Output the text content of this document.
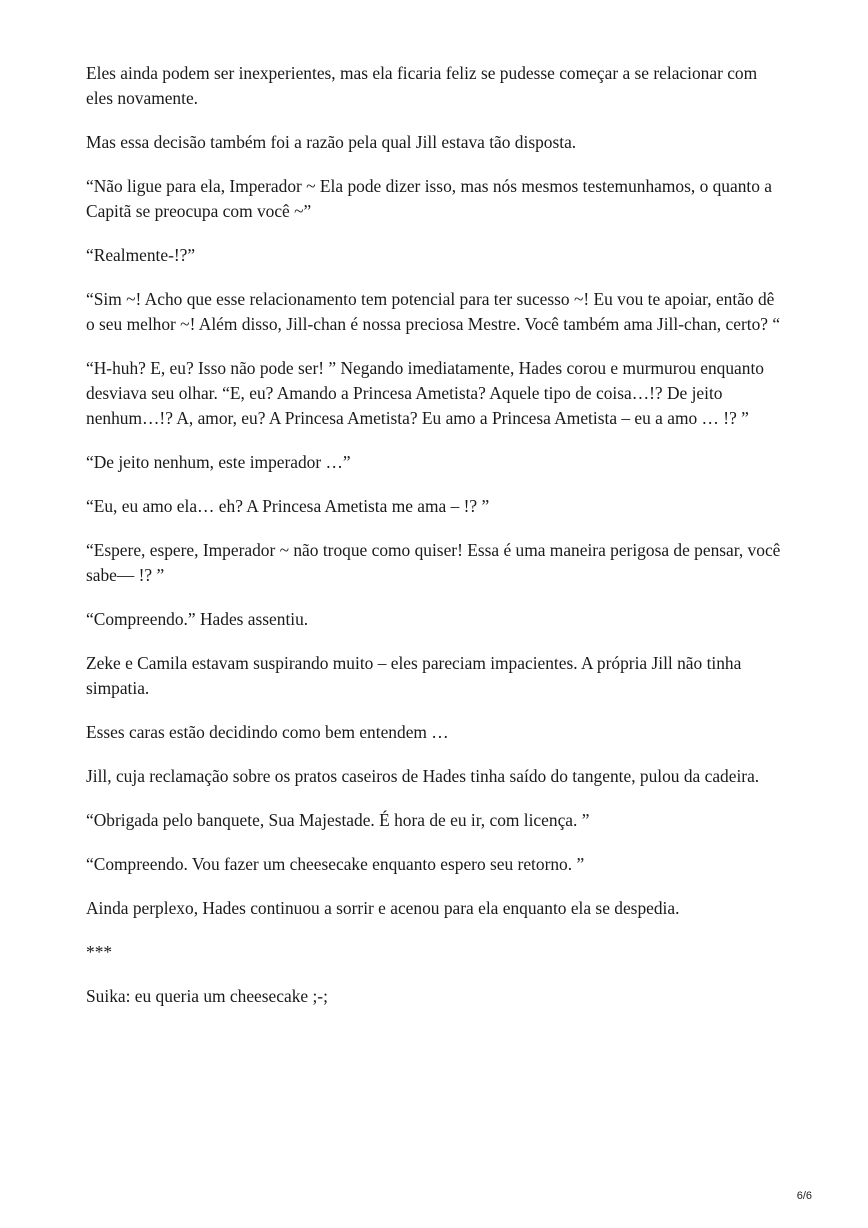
Eles ainda podem ser inexperientes, mas ela ficaria feliz se pudesse começar a se relacionar com eles novamente.

Mas essa decisão também foi a razão pela qual Jill estava tão disposta.

“Não ligue para ela, Imperador ~ Ela pode dizer isso, mas nós mesmos testemunhamos, o quanto a Capitã se preocupa com você ~”

“Realmente-!?”

“Sim ~! Acho que esse relacionamento tem potencial para ter sucesso ~! Eu vou te apoiar, então dê o seu melhor ~! Além disso, Jill-chan é nossa preciosa Mestre. Você também ama Jill-chan, certo? “

“H-huh? E, eu? Isso não pode ser! ” Negando imediatamente, Hades corou e murmurou enquanto desviava seu olhar. “E, eu? Amando a Princesa Ametista? Aquele tipo de coisa…!? De jeito nenhum…!? A, amor, eu? A Princesa Ametista? Eu amo a Princesa Ametista – eu a amo … !? ”

“De jeito nenhum, este imperador …”

“Eu, eu amo ela… eh? A Princesa Ametista me ama – !? ”

“Espere, espere, Imperador ~ não troque como quiser! Essa é uma maneira perigosa de pensar, você sabe— !? ”

“Compreendo.” Hades assentiu.

Zeke e Camila estavam suspirando muito – eles pareciam impacientes. A própria Jill não tinha simpatia.

Esses caras estão decidindo como bem entendem …

Jill, cuja reclamação sobre os pratos caseiros de Hades tinha saído do tangente, pulou da cadeira.

“Obrigada pelo banquete, Sua Majestade. É hora de eu ir, com licença. ”

“Compreendo. Vou fazer um cheesecake enquanto espero seu retorno. ”

Ainda perplexo, Hades continuou a sorrir e acenou para ela enquanto ela se despedia.

***

Suika: eu queria um cheesecake ;-;

6/6
